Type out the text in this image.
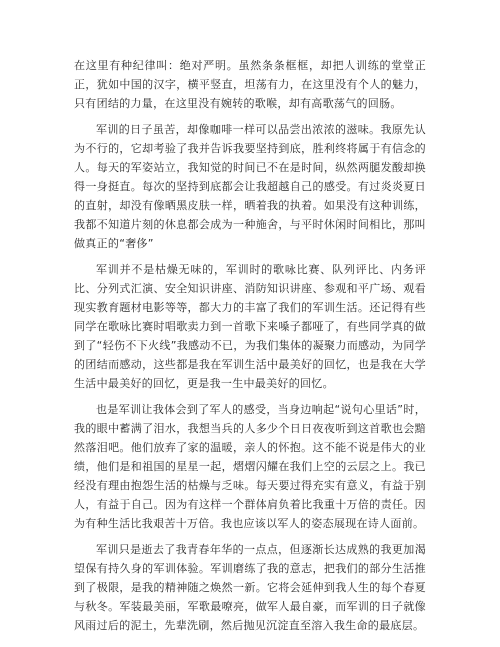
在这里有种纪律叫：绝对严明。虽然条条框框，却把人训练的堂堂正正，犹如中国的汉字，横平竖直，坦荡有力，在这里没有个人的魅力，只有团结的力量，在这里没有婉转的歌喉，却有高歌荡气的回肠。

军训的日子虽苦，却像咖啡一样可以品尝出浓浓的滋味。我原先认为不行的，它却考验了我并告诉我要坚持到底，胜利终将属于有信念的人。每天的军姿站立，我知觉的时间已不在是时间，纵然两腿发酸却换得一身挺直。每次的坚持到底都会让我超越自己的感受。有过炎炎夏日的直射，却没有像晒黑皮肤一样，晒着我的执着。如果没有这种训练，我都不知道片刻的休息都会成为一种施舍，与平时休闲时间相比，那叫做真正的“奢侈”

军训并不是枯燥无味的，军训时的歌咏比赛、队列评比、内务评比、分列式汇演、安全知识讲座、消防知识讲座、参观和平广场、观看现实教育题材电影等等，都大力的丰富了我们的军训生活。还记得有些同学在歌咏比赛时唱歌卖力到一首歌下来嗓子都哑了，有些同学真的做到了“轻伤不下火线”我感动不已，为我们集体的凝聚力而感动，为同学的团结而感动，这些都是我在军训生活中最美好的回忆，也是我在大学生活中最美好的回忆，更是我一生中最美好的回忆。

也是军训让我体会到了军人的感受，当身边响起“说句心里话”时，我的眼中蓄满了泪水，我想当兵的人多少个日日夜夜听到这首歌也会黯然落泪吧。他们放弃了家的温暖，亲人的怀抱。这不能不说是伟大的业绩，他们是和祖国的星星一起，熠熠闪耀在我们上空的云层之上。我已经没有理由抱怨生活的枯燥与乏味。每天要过得充实有意义，有益于别人，有益于自己。因为有这样一个群体肩负着比我重十万倍的责任。因为有种生活比我艰苦十万倍。我也应该以军人的姿态展现在诗人面前。

军训只是逝去了我青春年华的一点点，但逐渐长达成熟的我更加渴望保有持久身的军训体验。军训磨练了我的意志，把我们的部分生活推到了极限，是我的精神随之焕然一新。它将会延伸到我人生的每个春夏与秋冬。军装最美丽，军歌最嘹亮，做军人最自豪，而军训的日子就像风雨过后的泥土，先辈洗刷，然后抛见沉淀直至溶入我生命的最底层。
